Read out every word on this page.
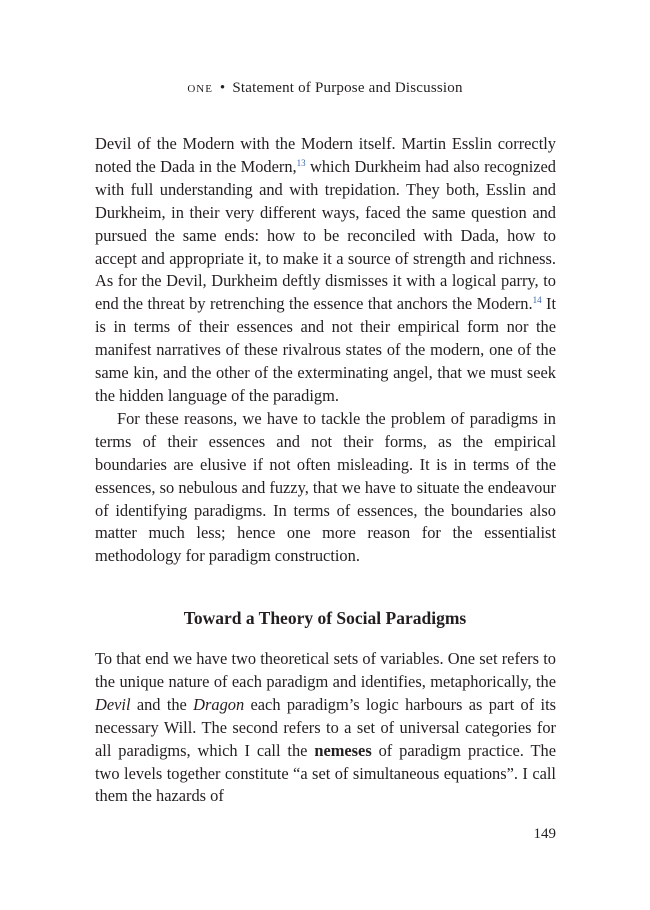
one • Statement of Purpose and Discussion

Devil of the Modern with the Modern itself. Martin Esslin correctly noted the Dada in the Modern,$^{13}$ which Durkheim had also recognized with full understanding and with trepidation. They both, Esslin and Durkheim, in their very different ways, faced the same question and pursued the same ends: how to be reconciled with Dada, how to accept and appropriate it, to make it a source of strength and richness. As for the Devil, Durkheim deftly dismisses it with a logical parry, to end the threat by retrenching the essence that anchors the Modern.$^{14}$ It is in terms of their essences and not their empirical form nor the manifest narratives of these rivalrous states of the modern, one of the same kin, and the other of the exterminating angel, that we must seek the hidden language of the paradigm.

For these reasons, we have to tackle the problem of paradigms in terms of their essences and not their forms, as the empirical boundaries are elusive if not often misleading. It is in terms of the essences, so nebulous and fuzzy, that we have to situate the endeavour of identifying paradigms. In terms of essences, the boundaries also matter much less; hence one more reason for the essentialist methodology for paradigm construction.

Toward a Theory of Social Paradigms

To that end we have two theoretical sets of variables. One set refers to the unique nature of each paradigm and identifies, metaphorically, the Devil and the Dragon each paradigm’s logic harbours as part of its necessary Will. The second refers to a set of universal categories for all paradigms, which I call the nemeses of paradigm practice. The two levels together constitute “a set of simultaneous equations”. I call them the hazards of

149
